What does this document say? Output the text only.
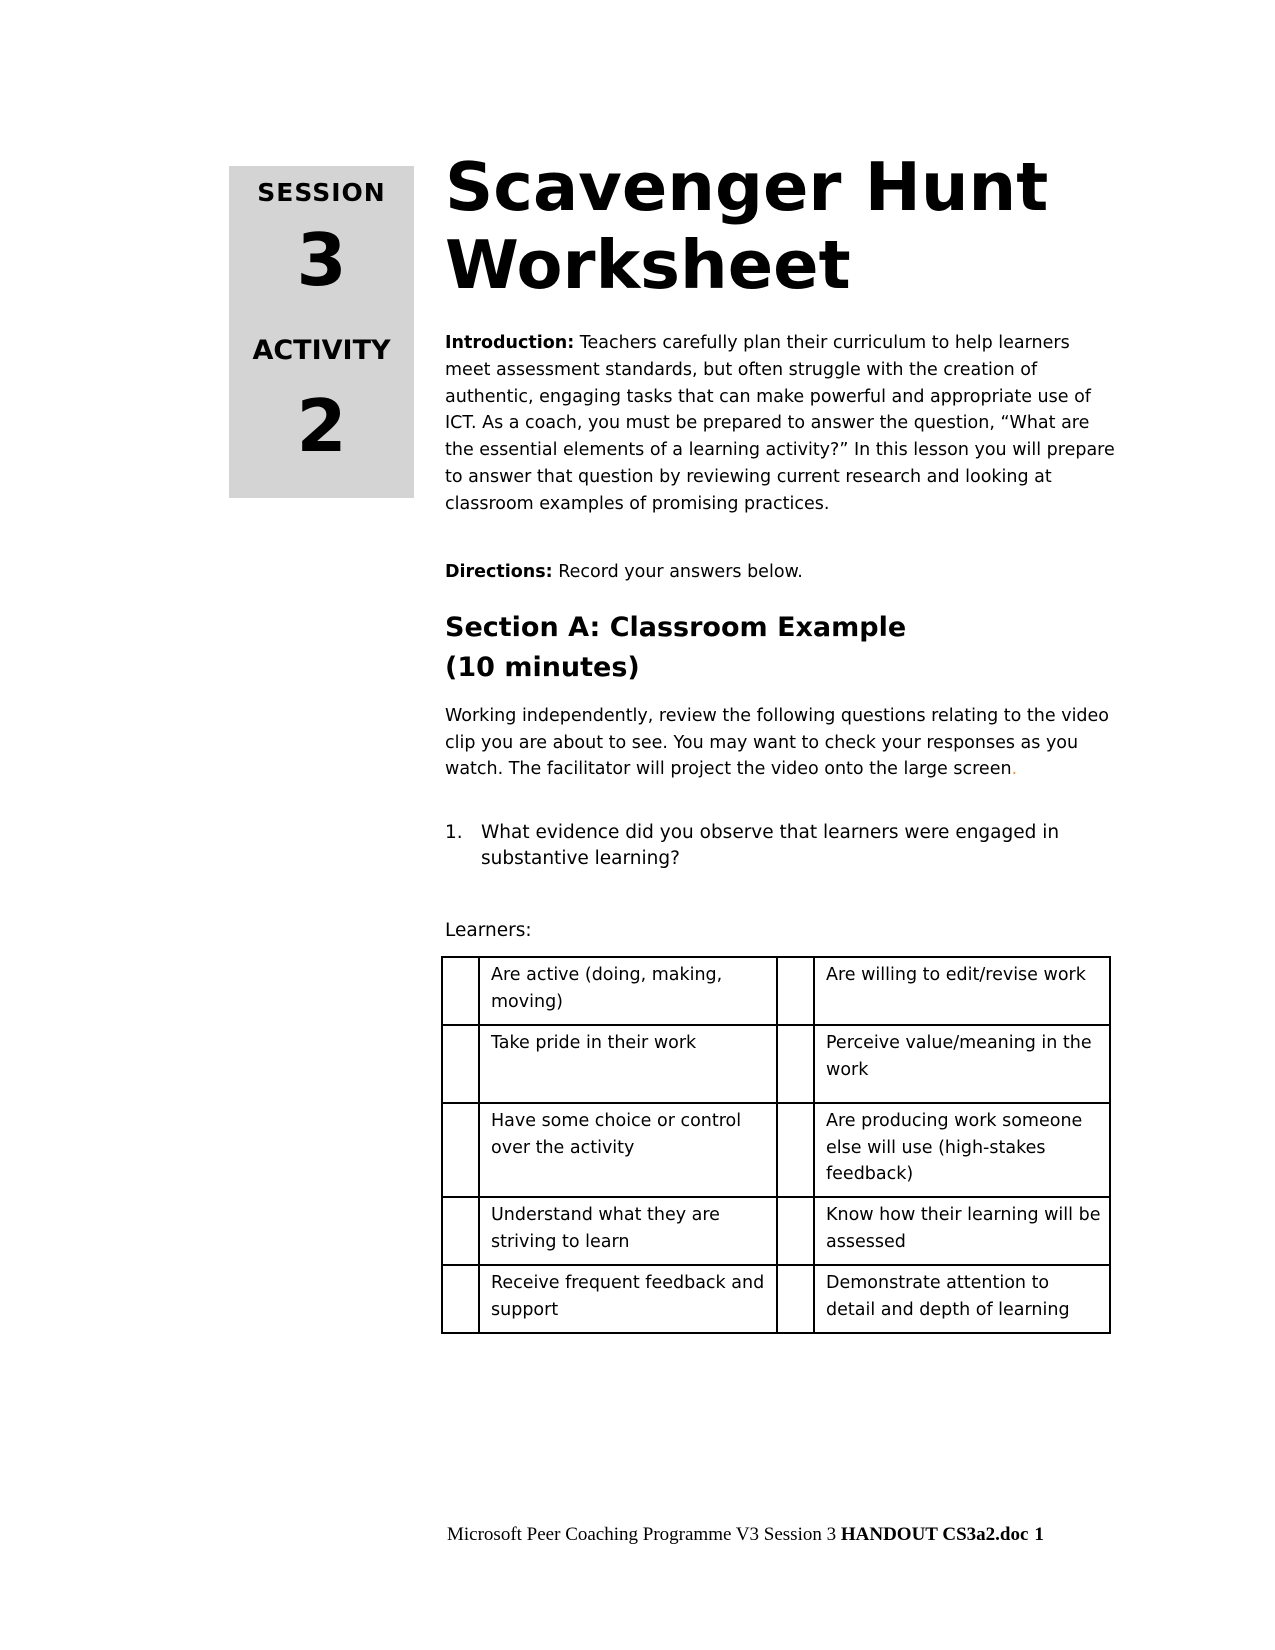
SESSION
3
ACTIVITY
2
Scavenger Hunt
Worksheet

Introduction: Teachers carefully plan their curriculum to help learners meet assessment standards, but often struggle with the creation of authentic, engaging tasks that can make powerful and appropriate use of ICT. As a coach, you must be prepared to answer the question, “What are the essential elements of a learning activity?” In this lesson you will prepare to answer that question by reviewing current research and looking at classroom examples of promising practices.

Directions: Record your answers below.

Section A: Classroom Example
(10 minutes)

Working independently, review the following questions relating to the video clip you are about to see. You may want to check your responses as you watch. The facilitator will project the video onto the large screen.

1. What evidence did you observe that learners were engaged in substantive learning?
Learners:
	Are active (doing, making, moving)		Are willing to edit/revise work
	Take pride in their work		Perceive value/meaning in the work
	Have some choice or control over the activity		Are producing work someone else will use (high-stakes feedback)
	Understand what they are striving to learn		Know how their learning will be assessed
	Receive frequent feedback and support		Demonstrate attention to detail and depth of learning
Microsoft Peer Coaching Programme V3 Session 3 HANDOUT CS3a2.doc 1
